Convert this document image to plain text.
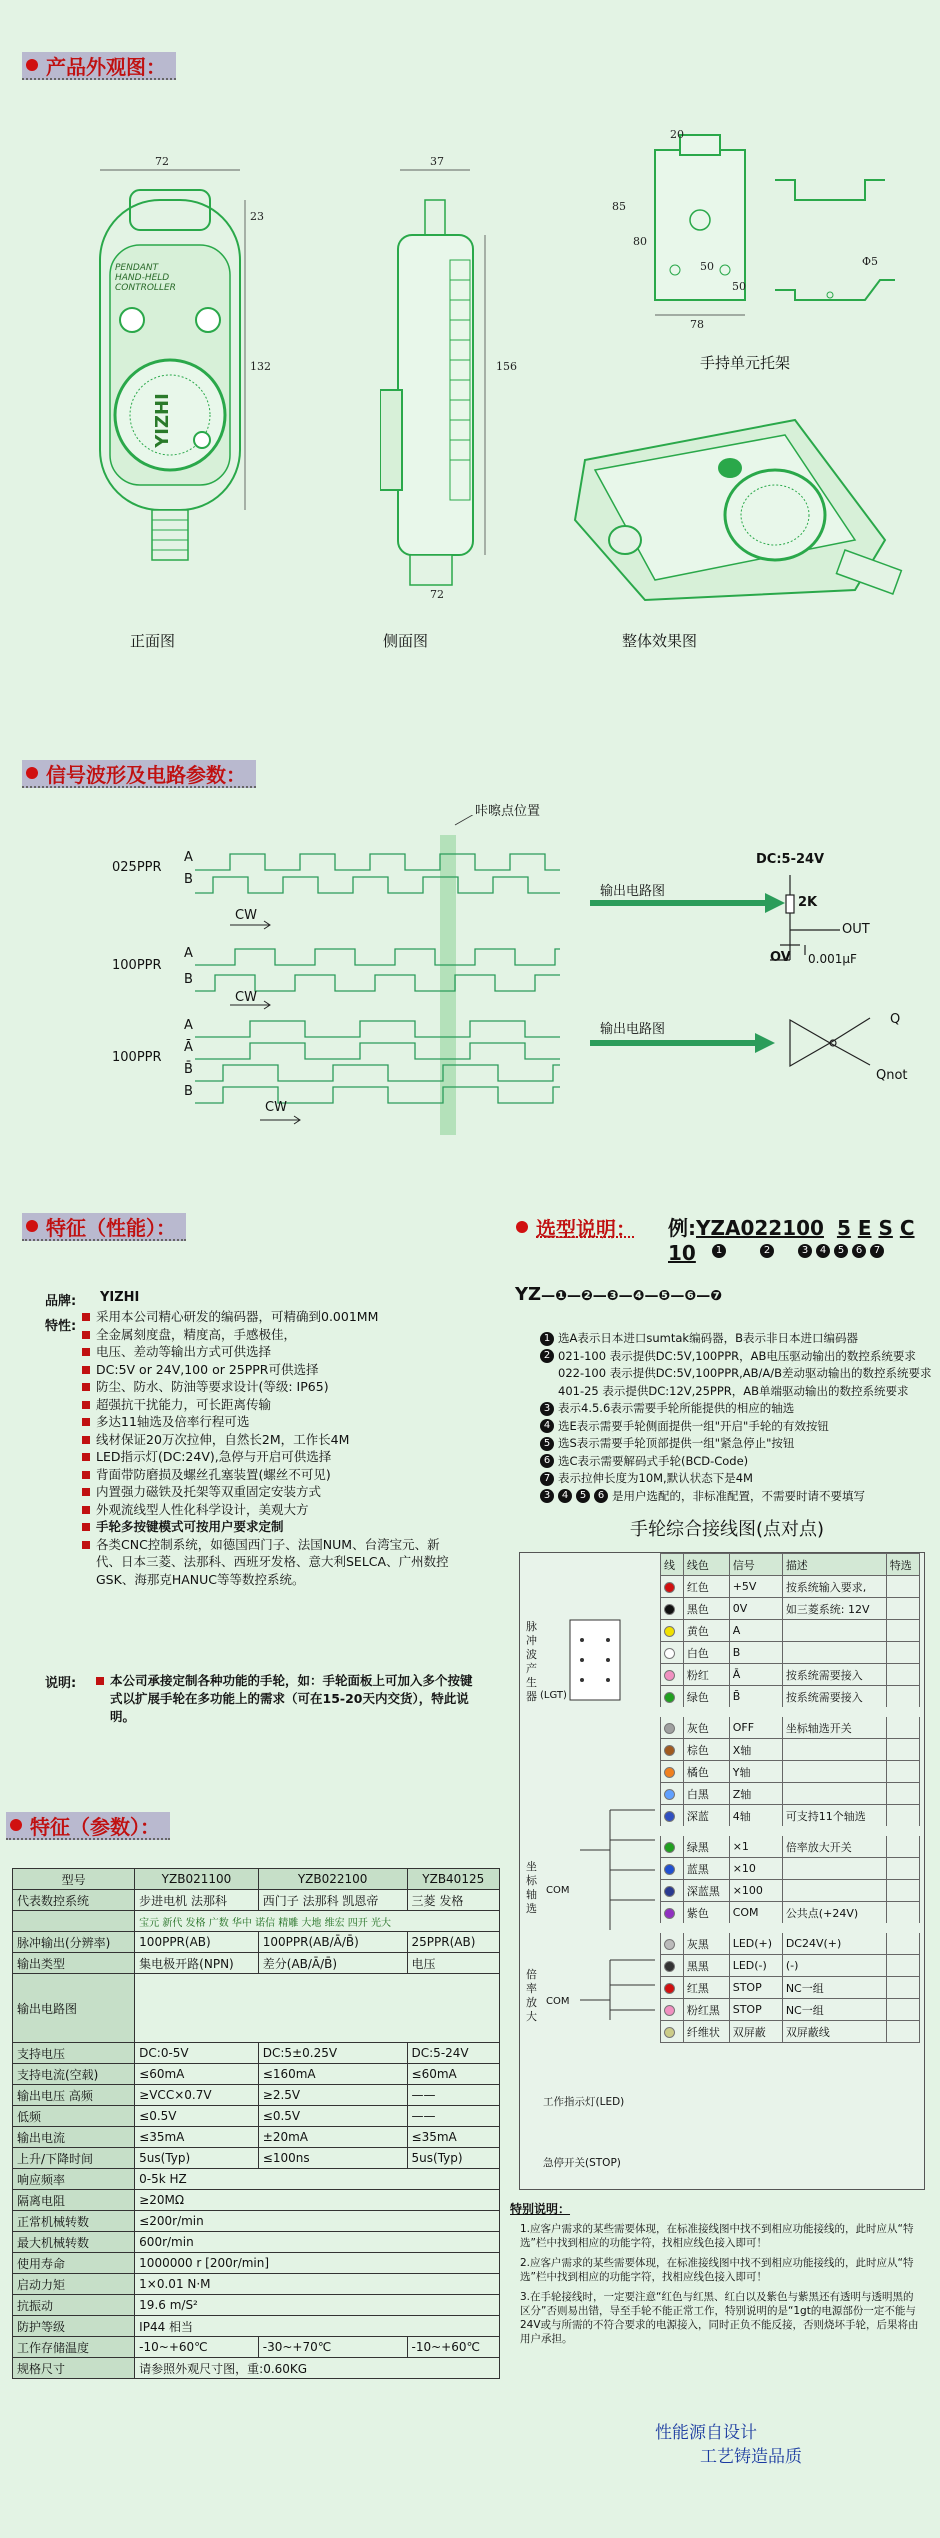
产品外观图：
72
23
132
PENDANT
HAND-HELD
CONTROLLER
YIZHI
37
156
72
20
85
80
50
50
78
Φ5
手持单元托架
正面图	侧面图	整体效果图
信号波形及电路参数：
咔嚓点位置
025PPR
A
B
100PPR
A
B
100PPR
A
Ā
B̄
B
CW
CW
CW
输出电路图
输出电路图
DC:5-24V
2K
OUT
OV 0.001μF
Q
Qnot
特征（性能）：
品牌: YIZHI
特性:
采用本公司精心研发的编码器，可精确到0.001MM
全金属刻度盘，精度高，手感极佳，
电压、差动等输出方式可供选择
DC:5V or 24V,100 or 25PPR可供选择
防尘、防水、防油等要求设计(等级: IP65)
超强抗干扰能力，可长距离传输
多达11轴选及倍率行程可选
线材保证20万次拉伸，自然长2M，工作长4M
LED指示灯(DC:24V),急停与开启可供选择
背面带防磨损及螺丝孔塞装置(螺丝不可见)
内置强力磁铁及托架等双重固定安装方式
外观流线型人性化科学设计，美观大方
手轮多按键模式可按用户要求定制
各类CNC控制系统，如德国西门子、法国NUM、台湾宝元、新代、日本三菱、法那科、西班牙发格、意大利SELCA、广州数控GSK、海那克HANUC等等数控系统。
说明:	本公司承接定制各种功能的手轮，如：手轮面板上可加入多个按键式以扩展手轮在多功能上的需求（可在15-20天内交货），特此说明。
选型说明： 例:YZA022100 5 E S C 10	1	2	3 4 5 6 7
YZ—❶—❷—❸—❹—❺—❻—❼
1 选A表示日本进口sumtak编码器，B表示非日本进口编码器
2 021-100 表示提供DC:5V,100PPR，AB电压驱动输出的数控系统要求
022-100 表示提供DC:5V,100PPR,AB/A/B差动驱动输出的数控系统要求
401-25 表示提供DC:12V,25PPR，AB单端驱动输出的数控系统要求
3 表示4.5.6表示需要手轮所能提供的相应的轴选
4 选E表示需要手轮侧面提供一组"开启"手轮的有效按钮
5 选S表示需要手轮顶部提供一组"紧急停止"按钮
6 选C表示需要解码式手轮(BCD-Code)
7 表示拉伸长度为10M,默认状态下是4M
3 4 5 6 是用户选配的，非标准配置，不需要时请不要填写
手轮综合接线图(点对点)
线	线色	信号	描述	特选
	红色	+5V	按系统输入要求,	
	黑色	0V	如三菱系统: 12V	
	黄色	A		
	白色	B		
	粉红	Ā	按系统需要接入	
	绿色	B̄	按系统需要接入	
	灰色	OFF	坐标轴选开关	
	棕色	X轴		
	橘色	Y轴		
	白黑	Z轴		
	深蓝	4轴	可支持11个轴选	
	绿黑	×1	倍率放大开关	
	蓝黑	×10		
	深蓝黑	×100		
	紫色	COM	公共点(+24V)	
	灰黑	LED(+)	DC24V(+)	
	黑黑	LED(-)	(-)	
	红黑	STOP	NC一组	
	粉红黑	STOP	NC一组	
	纤维状	双屏蔽	双屏蔽线	
脉冲波产生器 (LGT)
坐标轴选
倍率放大
工作指示灯(LED)
急停开关(STOP)
COM
COM
特别说明：
1.应客户需求的某些需要体现，在标准接线图中找不到相应功能接线的，此时应从“特选”栏中找到相应的功能字符，找相应线色接入即可！
2.应客户需求的某些需要体现，在标准接线图中找不到相应功能接线的，此时应从“特选”栏中找到相应的功能字符，找相应线色接入即可！
3.在手轮接线时，一定要注意“红色与红黑、红白以及紫色与紫黑还有透明与透明黑的区分”否则易出错，导至手轮不能正常工作，特别说明的是“1gt的电源部份一定不能与24V或与所需的不符合要求的电源接入，同时正负不能反接，否则烧坏手轮，后果将由用户承担。
性能源自设计
工艺铸造品质
特征（参数）：
型号	YZB021100	YZB022100	YZB40125
代表数控系统	步进电机 法那科	西门子 法那科 凯恩帝	三菱 发格
	宝元 新代 发格 广数 华中 诺信 精雕 大地 维宏 四开 光大		
脉冲输出(分辨率)	100PPR(AB)	100PPR(AB/Ā/B̄)	25PPR(AB)
输出类型	集电极开路(NPN)	差分(AB/Ā/B̄)	电压
输出电路图			
支持电压	DC:0-5V	DC:5±0.25V	DC:5-24V
支持电流(空载)	≤60mA	≤160mA	≤60mA
输出电压 高频	≥VCC×0.7V	≥2.5V	——
低频	≤0.5V	≤0.5V	——
输出电流	≤35mA	±20mA	≤35mA
上升/下降时间	5us(Typ)	≤100ns	5us(Typ)
响应频率	0-5k HZ		
隔离电阻	≥20MΩ		
正常机械转数	≤200r/min		
最大机械转数	600r/min		
使用寿命	1000000 r [200r/min]		
启动力矩	1×0.01 N·M		
抗振动	19.6 m/S²		
防护等级	IP44 相当		
工作存储温度	-10~+60℃	-30~+70℃	-10~+60℃
规格尺寸	请参照外观尺寸图，重:0.60KG		
